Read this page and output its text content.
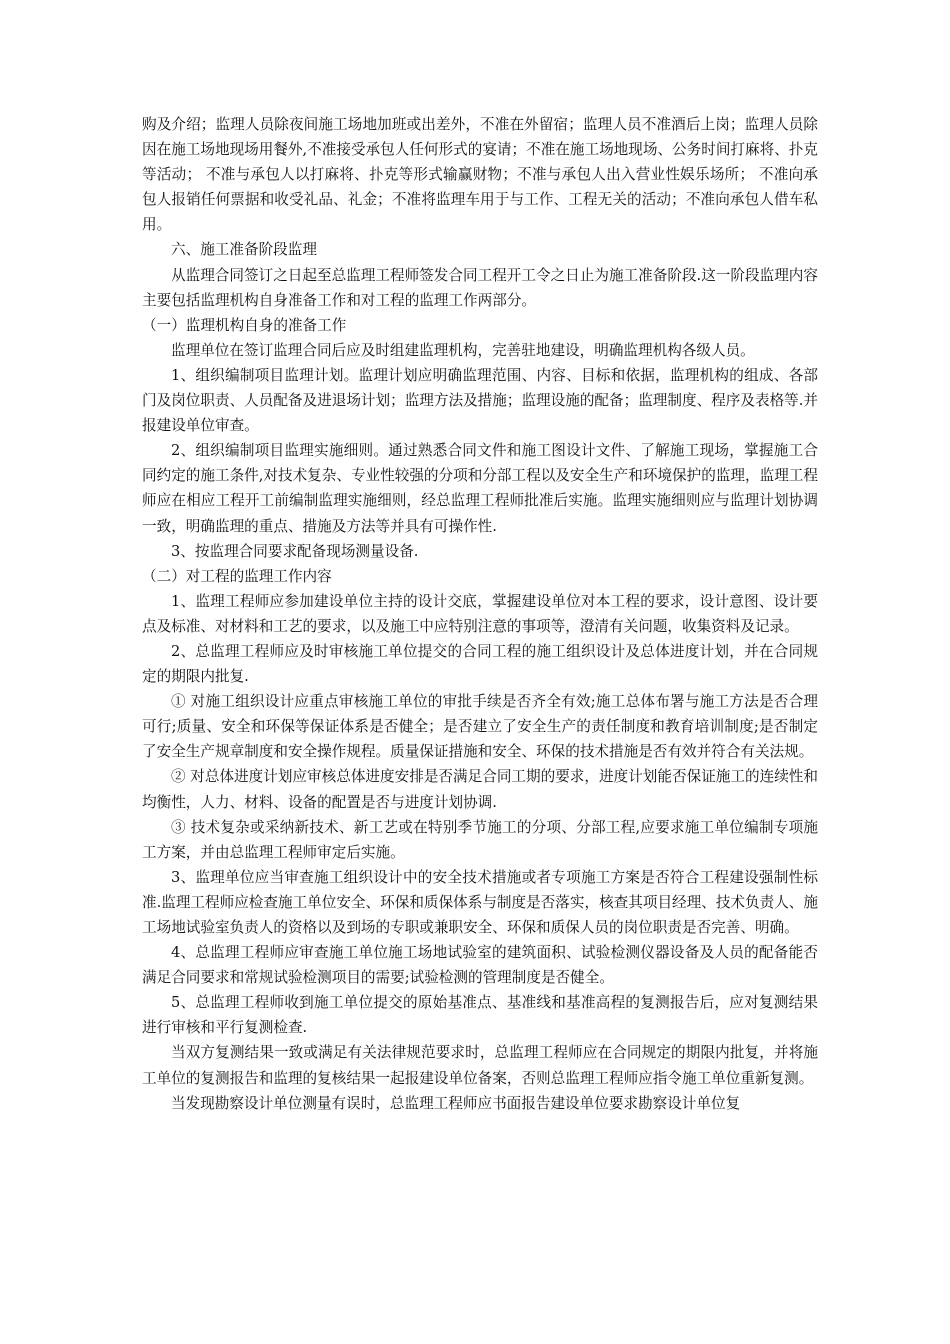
购及介绍；监理人员除夜间施工场地加班或出差外，不准在外留宿；监理人员不准酒后上岗；监理人员除因在施工场地现场用餐外,不准接受承包人任何形式的宴请；不准在施工场地现场、公务时间打麻将、扑克等活动； 不准与承包人以打麻将、扑克等形式输赢财物；不准与承包人出入营业性娱乐场所； 不准向承包人报销任何票据和收受礼品、礼金；不准将监理车用于与工作、工程无关的活动；不准向承包人借车私用。

六、施工准备阶段监理

从监理合同签订之日起至总监理工程师签发合同工程开工令之日止为施工准备阶段.这一阶段监理内容主要包括监理机构自身准备工作和对工程的监理工作两部分。

（一）监理机构自身的准备工作

监理单位在签订监理合同后应及时组建监理机构，完善驻地建设，明确监理机构各级人员。

1、组织编制项目监理计划。监理计划应明确监理范围、内容、目标和依据，监理机构的组成、各部门及岗位职责、人员配备及进退场计划；监理方法及措施；监理设施的配备；监理制度、程序及表格等.并报建设单位审查。

2、组织编制项目监理实施细则。通过熟悉合同文件和施工图设计文件、了解施工现场，掌握施工合同约定的施工条件,对技术复杂、专业性较强的分项和分部工程以及安全生产和环境保护的监理，监理工程师应在相应工程开工前编制监理实施细则，经总监理工程师批准后实施。监理实施细则应与监理计划协调一致，明确监理的重点、措施及方法等并具有可操作性.

3、按监理合同要求配备现场测量设备.

（二）对工程的监理工作内容

1、监理工程师应参加建设单位主持的设计交底，掌握建设单位对本工程的要求，设计意图、设计要点及标准、对材料和工艺的要求，以及施工中应特别注意的事项等，澄清有关问题，收集资料及记录。

2、总监理工程师应及时审核施工单位提交的合同工程的施工组织设计及总体进度计划，并在合同规定的期限内批复.

① 对施工组织设计应重点审核施工单位的审批手续是否齐全有效;施工总体布署与施工方法是否合理可行;质量、安全和环保等保证体系是否健全；是否建立了安全生产的责任制度和教育培训制度;是否制定了安全生产规章制度和安全操作规程。质量保证措施和安全、环保的技术措施是否有效并符合有关法规。

② 对总体进度计划应审核总体进度安排是否满足合同工期的要求，进度计划能否保证施工的连续性和均衡性，人力、材料、设备的配置是否与进度计划协调.

③ 技术复杂或采纳新技术、新工艺或在特别季节施工的分项、分部工程,应要求施工单位编制专项施工方案，并由总监理工程师审定后实施。

3、监理单位应当审查施工组织设计中的安全技术措施或者专项施工方案是否符合工程建设强制性标准.监理工程师应检查施工单位安全、环保和质保体系与制度是否落实，核查其项目经理、技术负责人、施工场地试验室负责人的资格以及到场的专职或兼职安全、环保和质保人员的岗位职责是否完善、明确。

4、总监理工程师应审查施工单位施工场地试验室的建筑面积、试验检测仪器设备及人员的配备能否满足合同要求和常规试验检测项目的需要;试验检测的管理制度是否健全。

5、总监理工程师收到施工单位提交的原始基准点、基准线和基准高程的复测报告后，应对复测结果进行审核和平行复测检查.

当双方复测结果一致或满足有关法律规范要求时，总监理工程师应在合同规定的期限内批复，并将施工单位的复测报告和监理的复核结果一起报建设单位备案，否则总监理工程师应指令施工单位重新复测。

当发现勘察设计单位测量有误时，总监理工程师应书面报告建设单位要求勘察设计单位复
